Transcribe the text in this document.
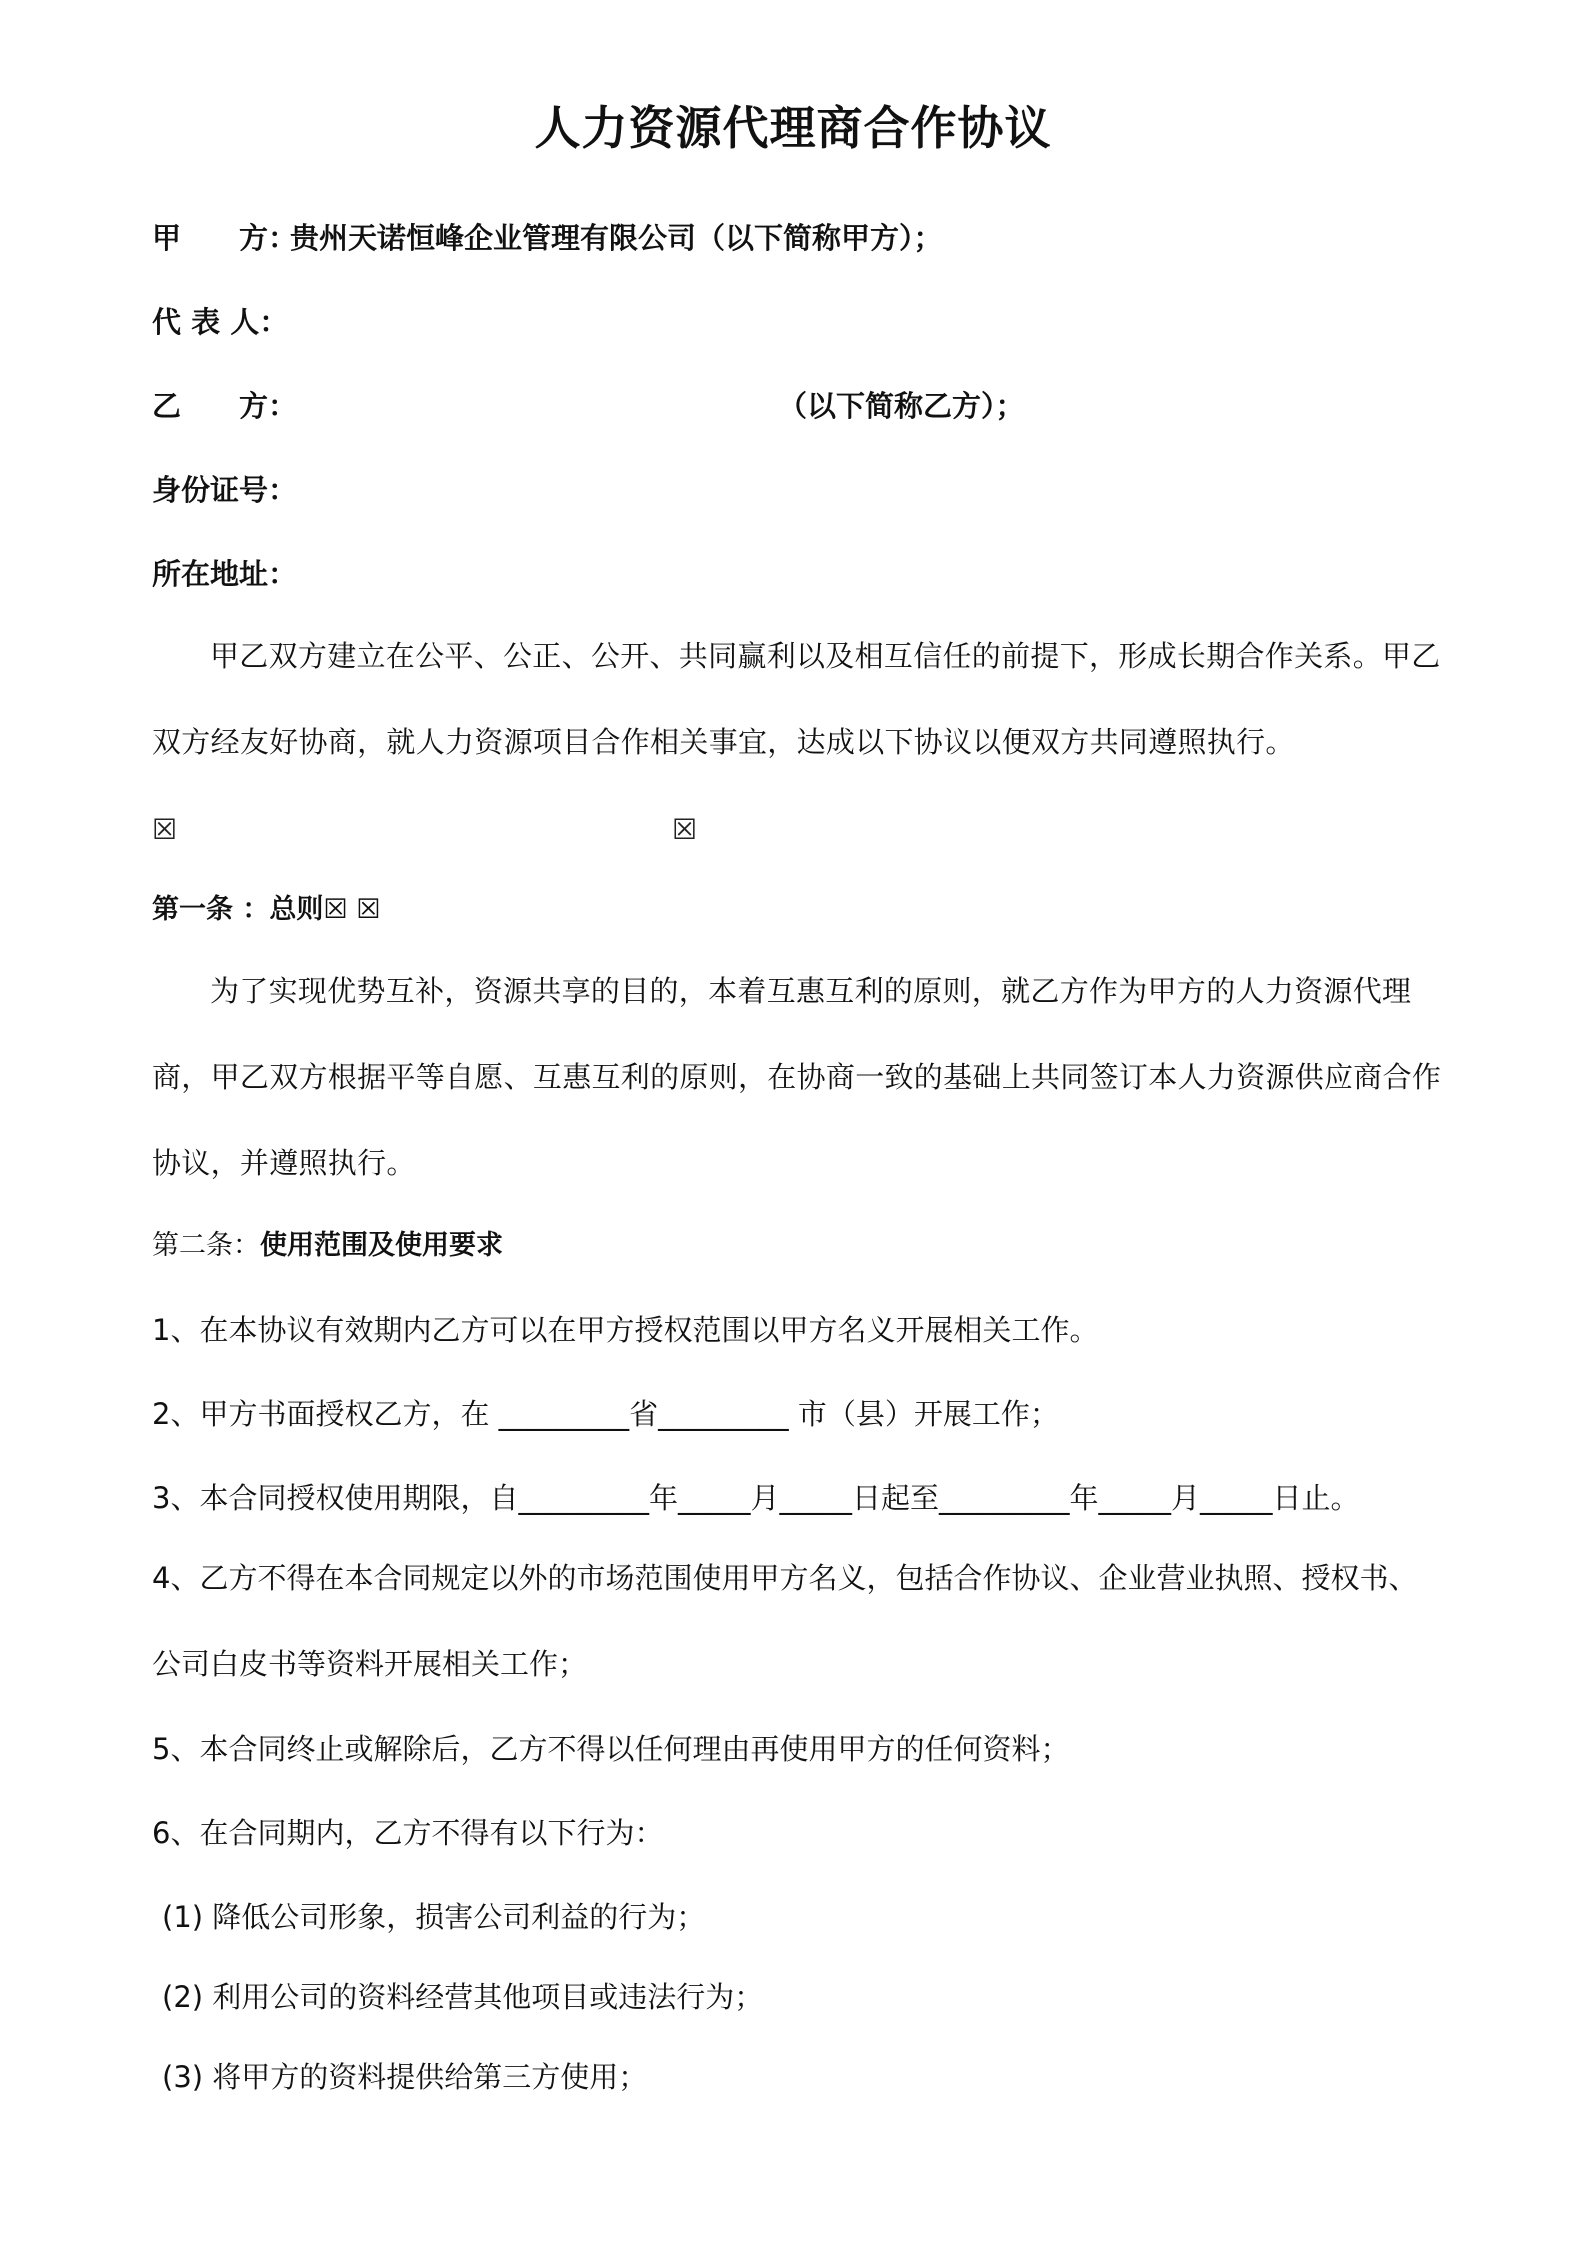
人力资源代理商合作协议
甲　　方：贵州天诺恒峰企业管理有限公司（以下简称甲方）；
代 表 人：
乙　　方：	（以下简称乙方）；
身份证号：
所在地址：

甲乙双方建立在公平、公正、公开、共同赢利以及相互信任的前提下，形成长期合作关系。甲乙双方经友好协商，就人力资源项目合作相关事宜，达成以下协议以便双方共同遵照执行。

☒	☒
第一条 ：总则☒ ☒

为了实现优势互补，资源共享的目的，本着互惠互利的原则，就乙方作为甲方的人力资源代理商，甲乙双方根据平等自愿、互惠互利的原则，在协商一致的基础上共同签订本人力资源供应商合作协议，并遵照执行。

第二条：使用范围及使用要求
1、在本协议有效期内乙方可以在甲方授权范围以甲方名义开展相关工作。
2、甲方书面授权乙方，在 _________省_________ 市（县）开展工作；
3、本合同授权使用期限，自_________年_____月_____日起至_________年_____月_____日止。
4、乙方不得在本合同规定以外的市场范围使用甲方名义，包括合作协议、企业营业执照、授权书、公司白皮书等资料开展相关工作；
5、本合同终止或解除后，乙方不得以任何理由再使用甲方的任何资料；
6、在合同期内，乙方不得有以下行为：
(1) 降低公司形象，损害公司利益的行为；
(2) 利用公司的资料经营其他项目或违法行为；
(3) 将甲方的资料提供给第三方使用；
